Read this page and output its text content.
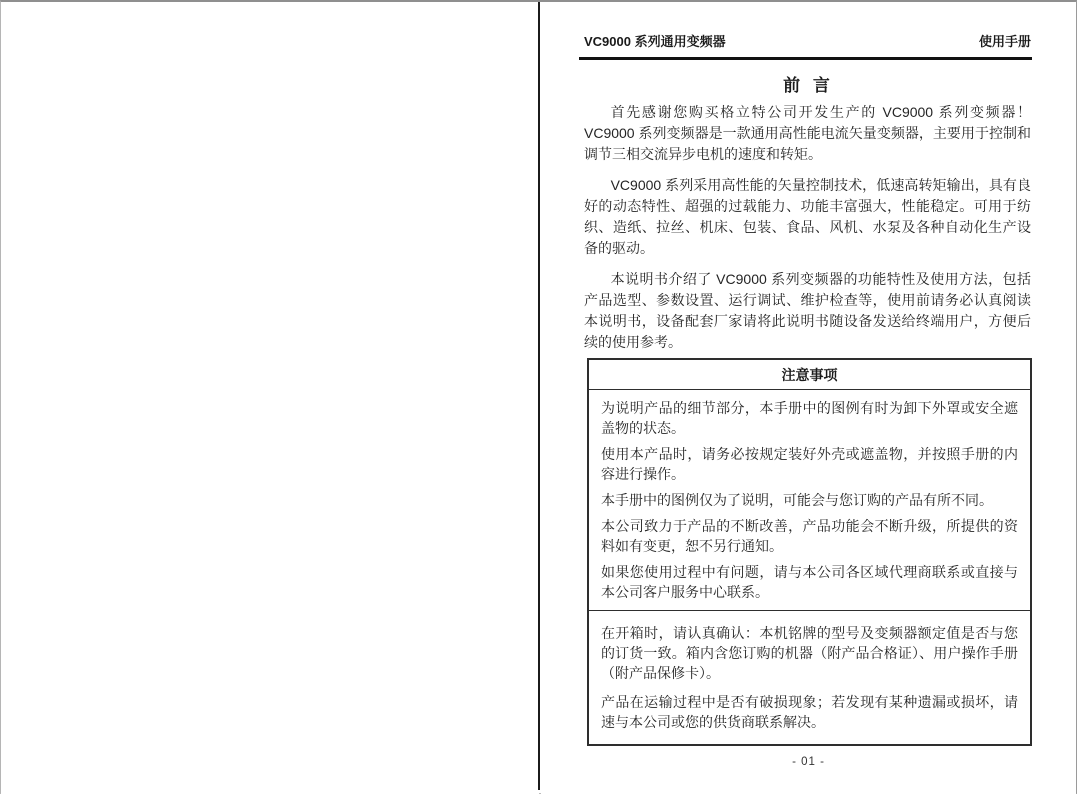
VC9000 系列通用变频器	使用手册
前 言

首先感谢您购买格立特公司开发生产的 VC9000 系列变频器！VC9000 系列变频器是一款通用高性能电流矢量变频器，主要用于控制和调节三相交流异步电机的速度和转矩。

VC9000 系列采用高性能的矢量控制技术，低速高转矩输出，具有良好的动态特性、超强的过载能力、功能丰富强大，性能稳定。可用于纺织、造纸、拉丝、机床、包装、食品、风机、水泵及各种自动化生产设备的驱动。

本说明书介绍了 VC9000 系列变频器的功能特性及使用方法，包括产品选型、参数设置、运行调试、维护检查等，使用前请务必认真阅读本说明书，设备配套厂家请将此说明书随设备发送给终端用户，方便后续的使用参考。

注意事项

为说明产品的细节部分，本手册中的图例有时为卸下外罩或安全遮盖物的状态。

使用本产品时，请务必按规定装好外壳或遮盖物，并按照手册的内容进行操作。

本手册中的图例仅为了说明，可能会与您订购的产品有所不同。

本公司致力于产品的不断改善，产品功能会不断升级，所提供的资料如有变更，恕不另行通知。

如果您使用过程中有问题，请与本公司各区域代理商联系或直接与本公司客户服务中心联系。

在开箱时，请认真确认：本机铭牌的型号及变频器额定值是否与您的订货一致。箱内含您订购的机器（附产品合格证）、用户操作手册（附产品保修卡）。

产品在运输过程中是否有破损现象；若发现有某种遗漏或损坏，请速与本公司或您的供货商联系解决。

- 01 -
